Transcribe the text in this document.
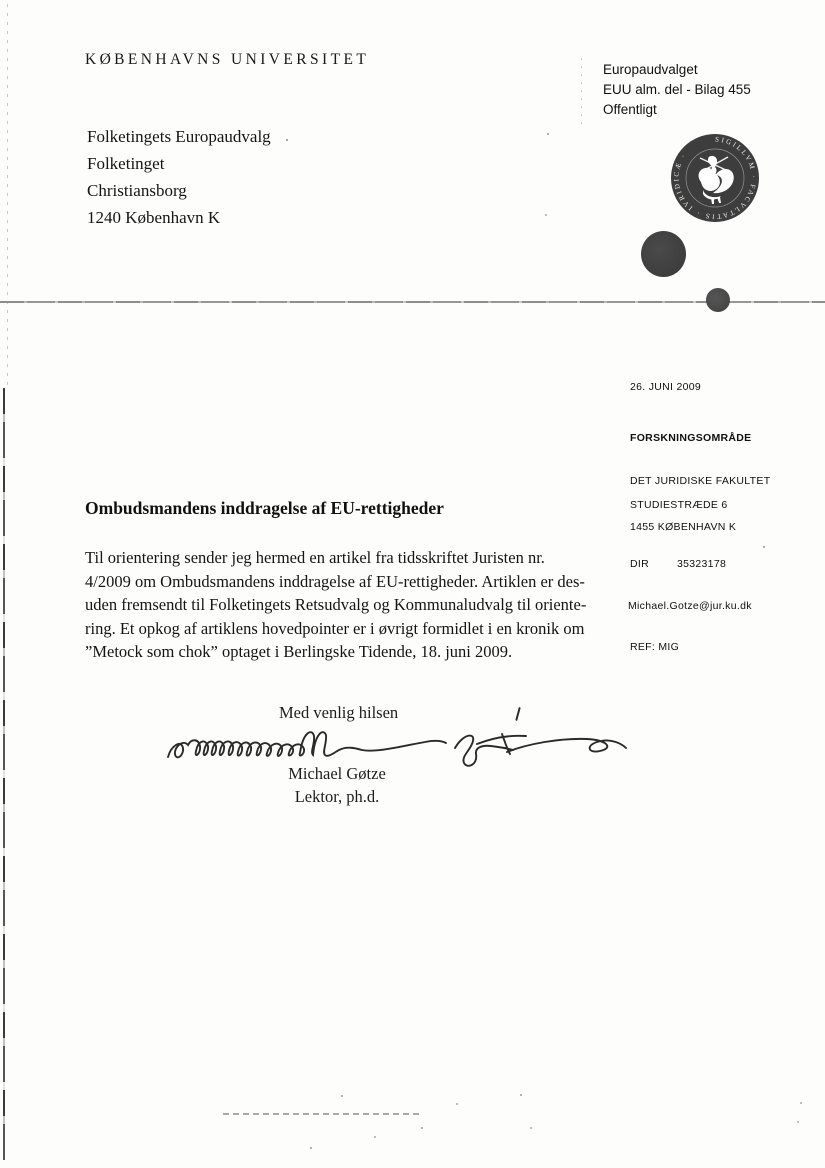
KØBENHAVNS UNIVERSITET
Europaudvalget
EUU alm. del - Bilag 455
Offentligt
Folketingets Europaudvalg
Folketinget
Christiansborg
1240 København K
SIGILLVM · FACVLTATIS · IVRIDICÆ ·
26. JUNI 2009
FORSKNINGSOMRÅDE
DET JURIDISKE FAKULTET
STUDIESTRÆDE 6
1455 KØBENHAVN K
DIR	35323178
Michael.Gotze@jur.ku.dk
REF: MIG
Ombudsmandens inddragelse af EU-rettigheder
Til orientering sender jeg hermed en artikel fra tidsskriftet Juristen nr.
4/2009 om Ombudsmandens inddragelse af EU-rettigheder. Artiklen er des-
uden fremsendt til Folketingets Retsudvalg og Kommunaludvalg til oriente-
ring. Et opkog af artiklens hovedpointer er i øvrigt formidlet i en kronik om
”Metock som chok” optaget i Berlingske Tidende, 18. juni 2009.
Med venlig hilsen
Michael Gøtze
Lektor, ph.d.
